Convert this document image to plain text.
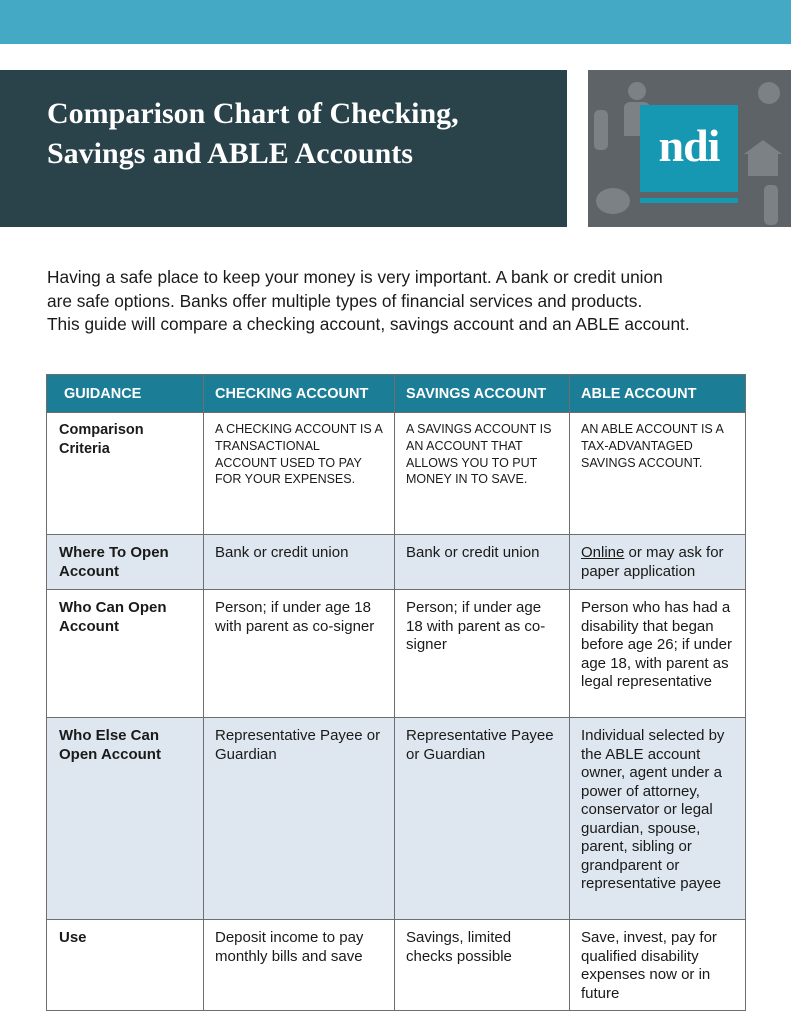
Comparison Chart of Checking, Savings and ABLE Accounts	ndi

Having a safe place to keep your money is very important. A bank or credit union
are safe options. Banks offer multiple types of financial services and products.
This guide will compare a checking account, savings account and an ABLE account.

GUIDANCE	CHECKING ACCOUNT	SAVINGS ACCOUNT	ABLE ACCOUNT
Comparison Criteria	A CHECKING ACCOUNT IS A TRANSACTIONAL ACCOUNT USED TO PAY FOR YOUR EXPENSES.	A SAVINGS ACCOUNT IS AN ACCOUNT THAT ALLOWS YOU TO PUT MONEY IN TO SAVE.	AN ABLE ACCOUNT IS A TAX-ADVANTAGED SAVINGS ACCOUNT.
Where To Open Account	Bank or credit union	Bank or credit union	Online or may ask for paper application
Who Can Open Account	Person; if under age 18 with parent as co-signer	Person; if under age 18 with parent as co-signer	Person who has had a disability that began before age 26; if under age 18, with parent as legal representative
Who Else Can Open Account	Representative Payee or Guardian	Representative Payee or Guardian	Individual selected by the ABLE account owner, agent under a power of attorney, conservator or legal guardian, spouse, parent, sibling or grandparent or representative payee
Use	Deposit income to pay monthly bills and save	Savings, limited checks possible	Save, invest, pay for qualified disability expenses now or in future
